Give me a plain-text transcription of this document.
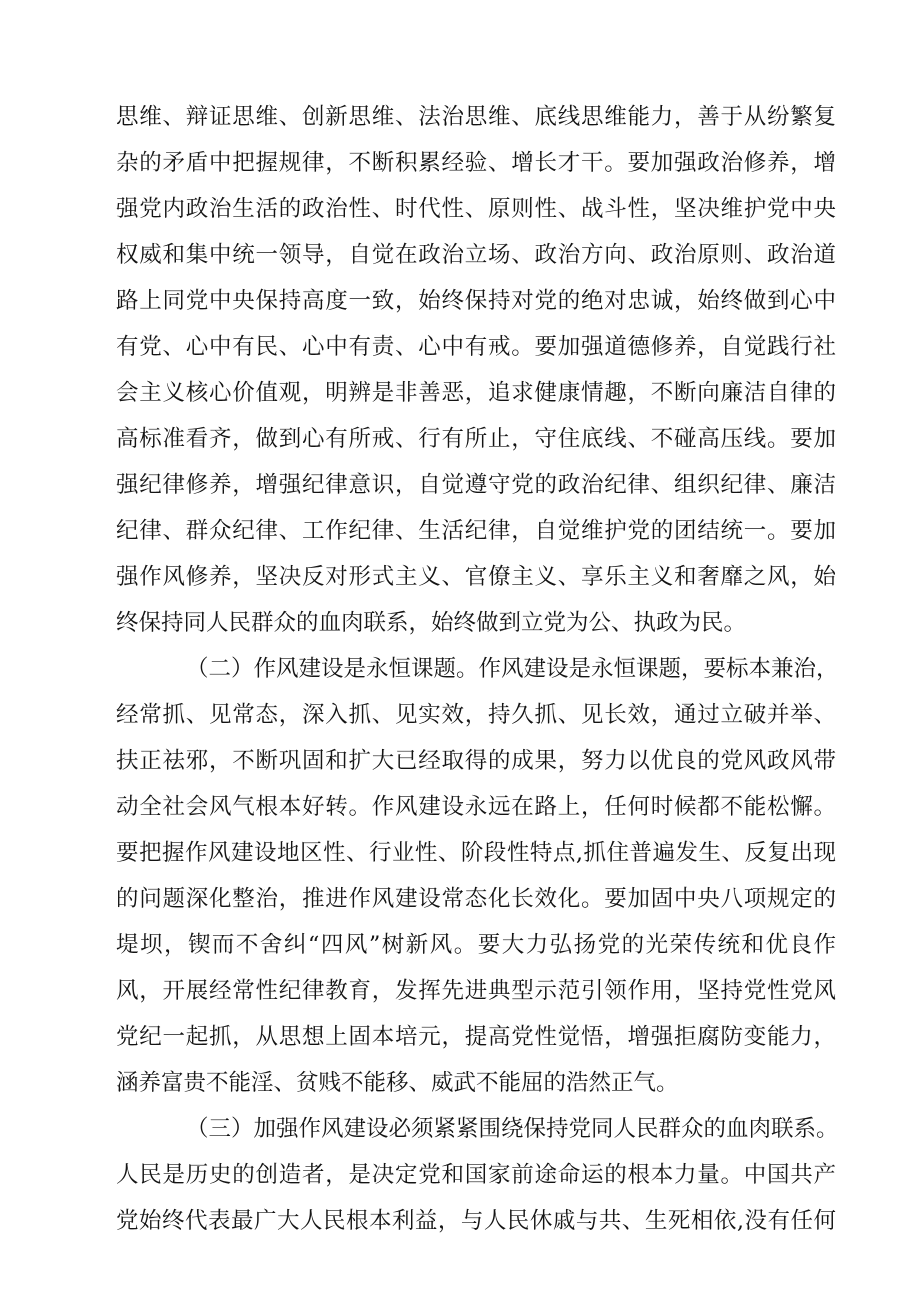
思维、辩证思维、创新思维、法治思维、底线思维能力，善于从纷繁复

杂的矛盾中把握规律，不断积累经验、增长才干。要加强政治修养，增

强党内政治生活的政治性、时代性、原则性、战斗性，坚决维护党中央

权威和集中统一领导，自觉在政治立场、政治方向、政治原则、政治道

路上同党中央保持高度一致，始终保持对党的绝对忠诚，始终做到心中

有党、心中有民、心中有责、心中有戒。要加强道德修养，自觉践行社

会主义核心价值观，明辨是非善恶，追求健康情趣，不断向廉洁自律的

高标准看齐，做到心有所戒、行有所止，守住底线、不碰高压线。要加

强纪律修养，增强纪律意识，自觉遵守党的政治纪律、组织纪律、廉洁

纪律、群众纪律、工作纪律、生活纪律，自觉维护党的团结统一。要加

强作风修养，坚决反对形式主义、官僚主义、享乐主义和奢靡之风，始

终保持同人民群众的血肉联系，始终做到立党为公、执政为民。

（二）作风建设是永恒课题。作风建设是永恒课题，要标本兼治，

经常抓、见常态，深入抓、见实效，持久抓、见长效，通过立破并举、

扶正祛邪，不断巩固和扩大已经取得的成果，努力以优良的党风政风带

动全社会风气根本好转。作风建设永远在路上，任何时候都不能松懈。

要把握作风建设地区性、行业性、阶段性特点,抓住普遍发生、反复出现

的问题深化整治，推进作风建设常态化长效化。要加固中央八项规定的

堤坝，锲而不舍纠“四风”树新风。要大力弘扬党的光荣传统和优良作

风，开展经常性纪律教育，发挥先进典型示范引领作用，坚持党性党风

党纪一起抓，从思想上固本培元，提高党性觉悟，增强拒腐防变能力，

涵养富贵不能淫、贫贱不能移、威武不能屈的浩然正气。

（三）加强作风建设必须紧紧围绕保持党同人民群众的血肉联系。

人民是历史的创造者，是决定党和国家前途命运的根本力量。中国共产

党始终代表最广大人民根本利益，与人民休戚与共、生死相依,没有任何
